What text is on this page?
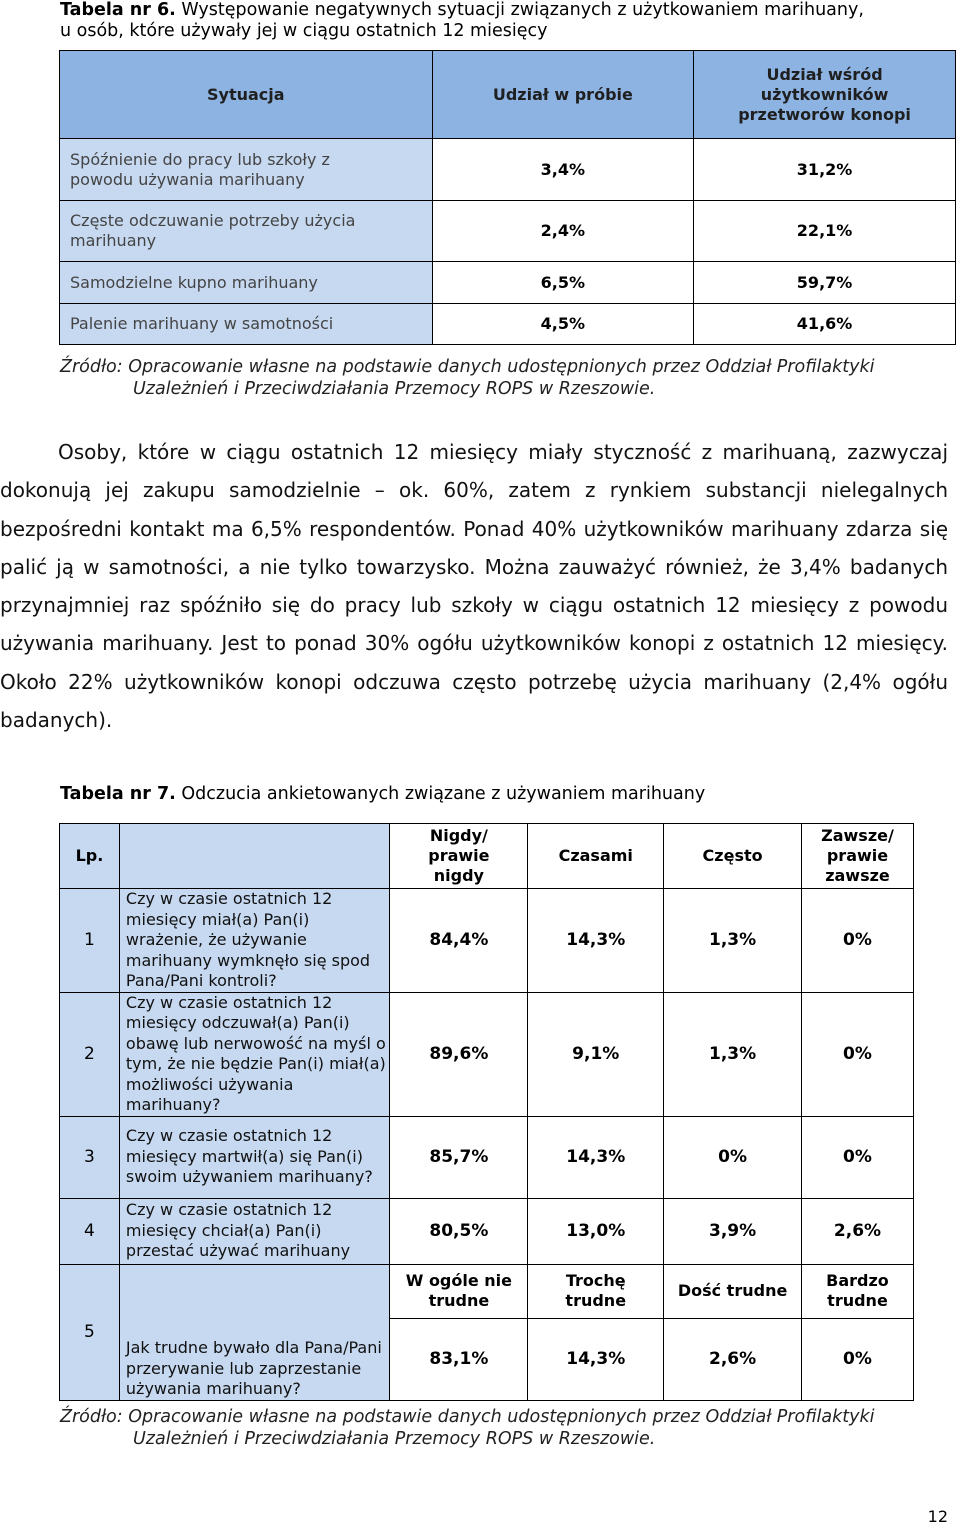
Tabela nr 6. Występowanie negatywnych sytuacji związanych z użytkowaniem marihuany,
u osób, które używały jej w ciągu ostatnich 12 miesięcy
Sytuacja	Udział w próbie	Udział wśród użytkowników przetworów konopi
Spóźnienie do pracy lub szkoły z powodu używania marihuany	3,4%	31,2%
Częste odczuwanie potrzeby użycia marihuany	2,4%	22,1%
Samodzielne kupno marihuany	6,5%	59,7%
Palenie marihuany w samotności	4,5%	41,6%
Źródło: Opracowanie własne na podstawie danych udostępnionych przez Oddział Profilaktyki
Uzależnień i Przeciwdziałania Przemocy ROPS w Rzeszowie.
Osoby, które w ciągu ostatnich 12 miesięcy miały styczność z marihuaną, zazwyczaj dokonują jej zakupu samodzielnie – ok. 60%, zatem z rynkiem substancji nielegalnych bezpośredni kontakt ma 6,5% respondentów. Ponad 40% użytkowników marihuany zdarza się palić ją w samotności, a nie tylko towarzysko. Można zauważyć również, że 3,4% badanych przynajmniej raz spóźniło się do pracy lub szkoły w ciągu ostatnich 12 miesięcy z powodu używania marihuany. Jest to ponad 30% ogółu użytkowników konopi z ostatnich 12 miesięcy. Około 22% użytkowników konopi odczuwa często potrzebę użycia marihuany (2,4% ogółu badanych).
Tabela nr 7. Odczucia ankietowanych związane z używaniem marihuany
Lp.		Nigdy/ prawie nigdy	Czasami	Często	Zawsze/ prawie zawsze
1	Czy w czasie ostatnich 12 miesięcy miał(a) Pan(i) wrażenie, że używanie marihuany wymknęło się spod Pana/Pani kontroli?	84,4%	14,3%	1,3%	0%
2	Czy w czasie ostatnich 12 miesięcy odczuwał(a) Pan(i) obawę lub nerwowość na myśl o tym, że nie będzie Pan(i) miał(a) możliwości używania marihuany?	89,6%	9,1%	1,3%	0%
3	Czy w czasie ostatnich 12 miesięcy martwił(a) się Pan(i) swoim używaniem marihuany?	85,7%	14,3%	0%	0%
4	Czy w czasie ostatnich 12 miesięcy chciał(a) Pan(i) przestać używać marihuany	80,5%	13,0%	3,9%	2,6%
5	Jak trudne bywało dla Pana/Pani przerywanie lub zaprzestanie używania marihuany?	W ogóle nie trudne	Trochę trudne	Dość trudne	Bardzo trudne
		83,1%	14,3%	2,6%	0%
Źródło: Opracowanie własne na podstawie danych udostępnionych przez Oddział Profilaktyki
Uzależnień i Przeciwdziałania Przemocy ROPS w Rzeszowie.
12
